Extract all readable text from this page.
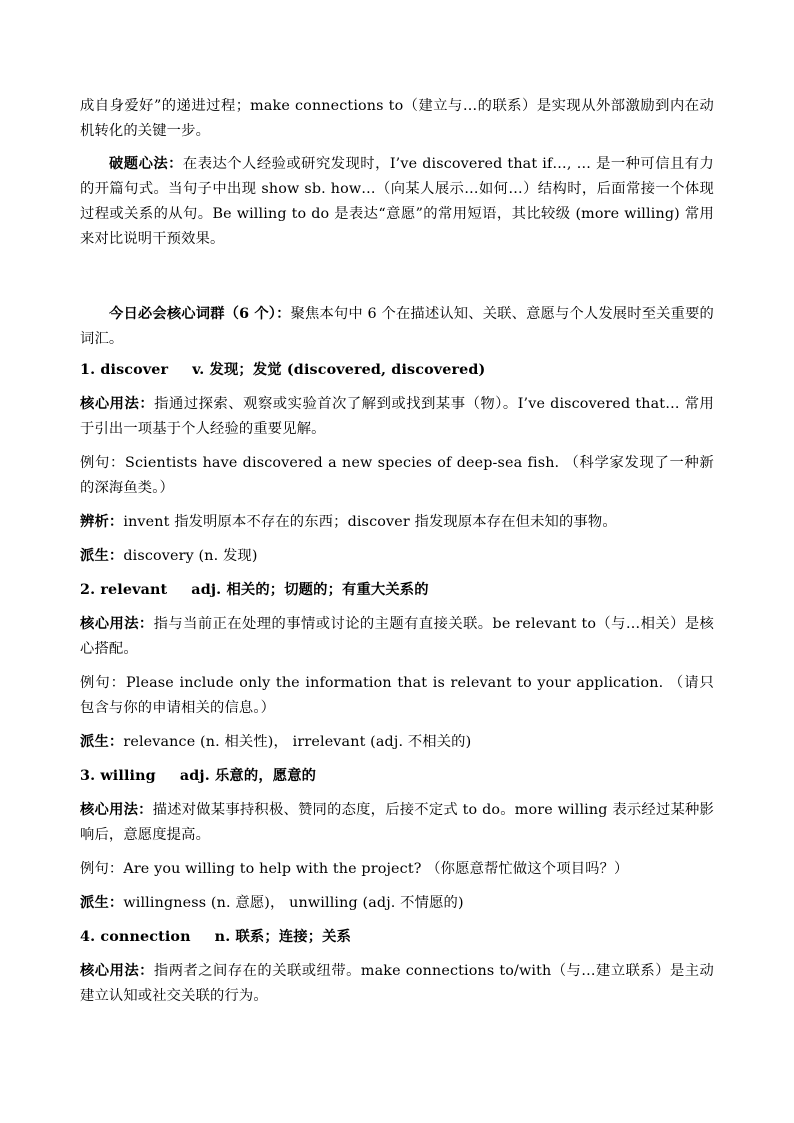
成自身爱好”的递进过程；make connections to（建立与…的联系）是实现从外部激励到内在动机转化的关键一步。

破题心法：在表达个人经验或研究发现时，I’ve discovered that if…, … 是一种可信且有力的开篇句式。当句子中出现 show sb. how…（向某人展示…如何…）结构时，后面常接一个体现过程或关系的从句。Be willing to do 是表达“意愿”的常用短语，其比较级 (more willing) 常用来对比说明干预效果。

今日必会核心词群（6 个）：聚焦本句中 6 个在描述认知、关联、意愿与个人发展时至关重要的词汇。

1. discover v. 发现；发觉 (discovered, discovered)

核心用法：指通过探索、观察或实验首次了解到或找到某事（物）。I’ve discovered that… 常用于引出一项基于个人经验的重要见解。

例句：Scientists have discovered a new species of deep-sea fish. （科学家发现了一种新的深海鱼类。）

辨析：invent 指发明原本不存在的东西；discover 指发现原本存在但未知的事物。

派生：discovery (n. 发现)

2. relevant adj. 相关的；切题的；有重大关系的

核心用法：指与当前正在处理的事情或讨论的主题有直接关联。be relevant to（与…相关）是核心搭配。

例句：Please include only the information that is relevant to your application. （请只包含与你的申请相关的信息。）

派生：relevance (n. 相关性)， irrelevant (adj. 不相关的)

3. willing adj. 乐意的，愿意的

核心用法：描述对做某事持积极、赞同的态度，后接不定式 to do。more willing 表示经过某种影响后，意愿度提高。

例句：Are you willing to help with the project? （你愿意帮忙做这个项目吗？）

派生：willingness (n. 意愿)， unwilling (adj. 不情愿的)

4. connection n. 联系；连接；关系

核心用法：指两者之间存在的关联或纽带。make connections to/with（与…建立联系）是主动建立认知或社交关联的行为。
